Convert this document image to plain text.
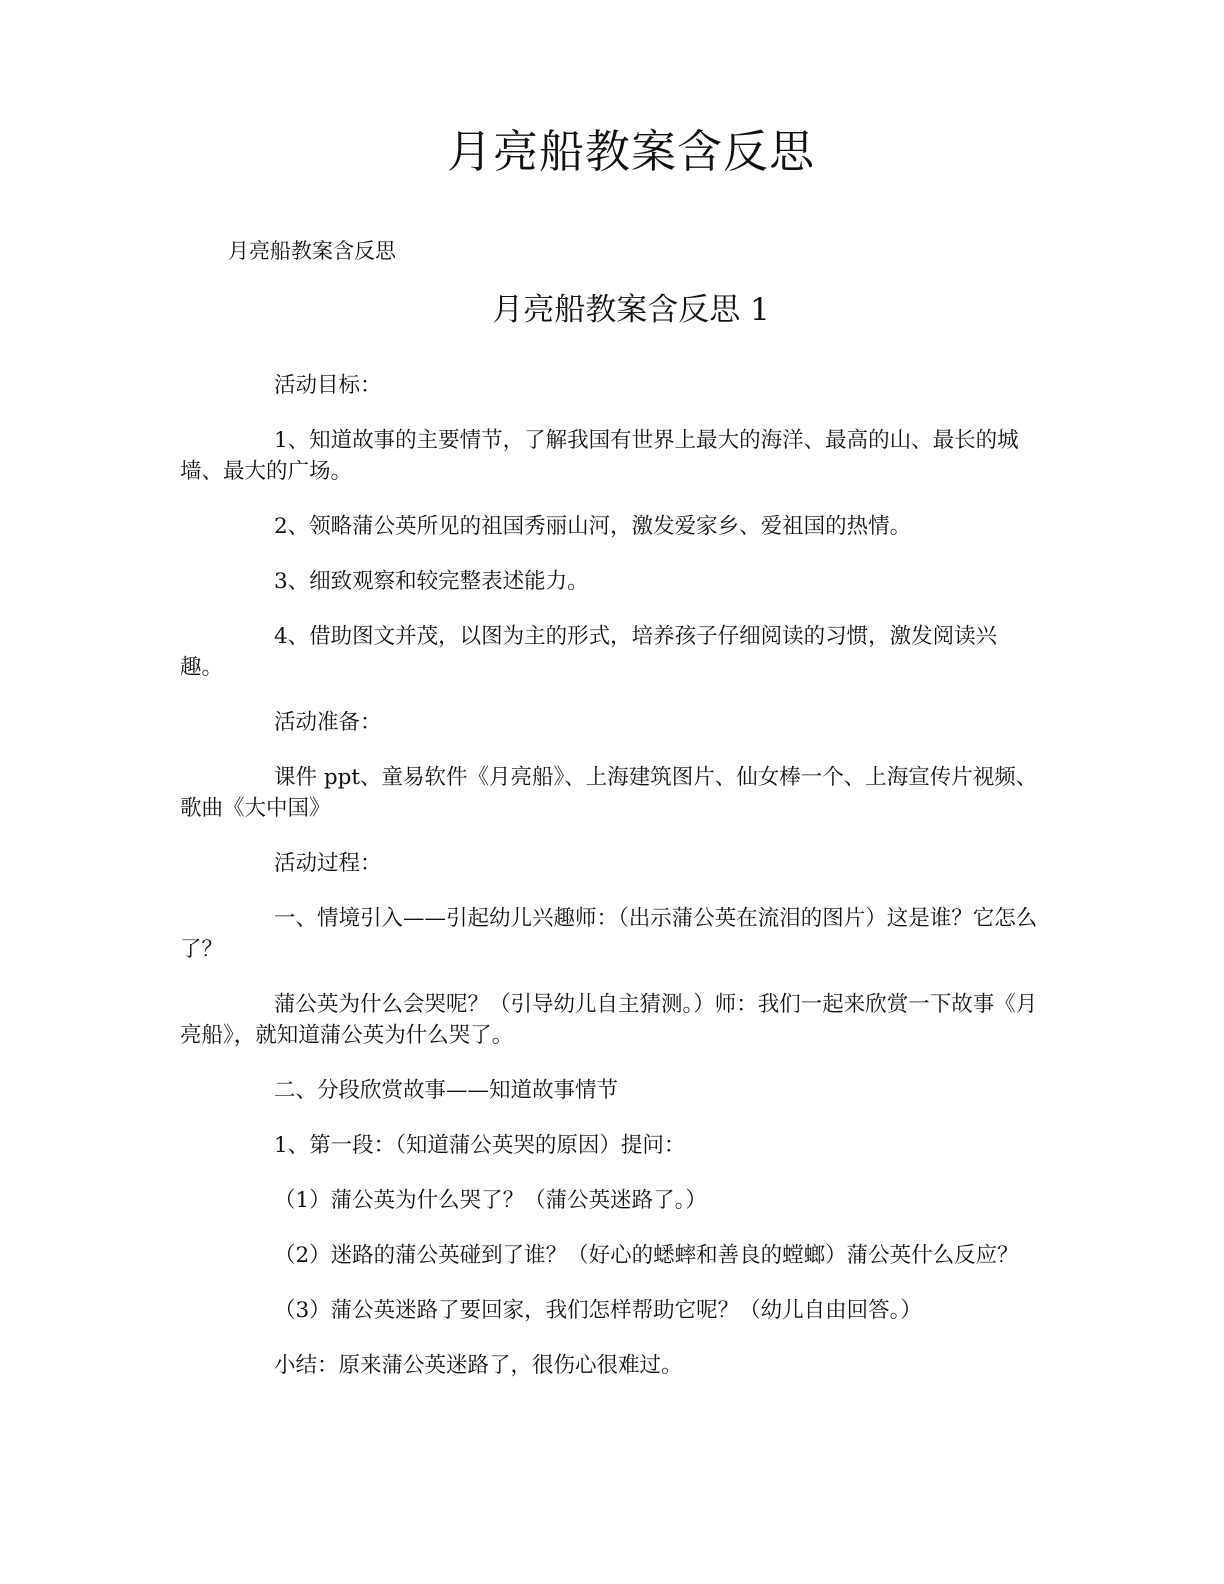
月亮船教案含反思
月亮船教案含反思
月亮船教案含反思 1

活动目标：

1、知道故事的主要情节，了解我国有世界上最大的海洋、最高的山、最长的城墙、最大的广场。

2、领略蒲公英所见的祖国秀丽山河，激发爱家乡、爱祖国的热情。

3、细致观察和较完整表述能力。

4、借助图文并茂，以图为主的形式，培养孩子仔细阅读的习惯，激发阅读兴趣。

活动准备：

课件 ppt、童易软件《月亮船》、上海建筑图片、仙女棒一个、上海宣传片视频、歌曲《大中国》

活动过程：

一、情境引入——引起幼儿兴趣师：（出示蒲公英在流泪的图片）这是谁？它怎么了？

蒲公英为什么会哭呢？（引导幼儿自主猜测。）师：我们一起来欣赏一下故事《月亮船》，就知道蒲公英为什么哭了。

二、分段欣赏故事——知道故事情节

1、第一段：（知道蒲公英哭的原因）提问：

（1）蒲公英为什么哭了？（蒲公英迷路了。）

（2）迷路的蒲公英碰到了谁？（好心的蟋蟀和善良的螳螂）蒲公英什么反应？

（3）蒲公英迷路了要回家，我们怎样帮助它呢？（幼儿自由回答。）

小结：原来蒲公英迷路了，很伤心很难过。
